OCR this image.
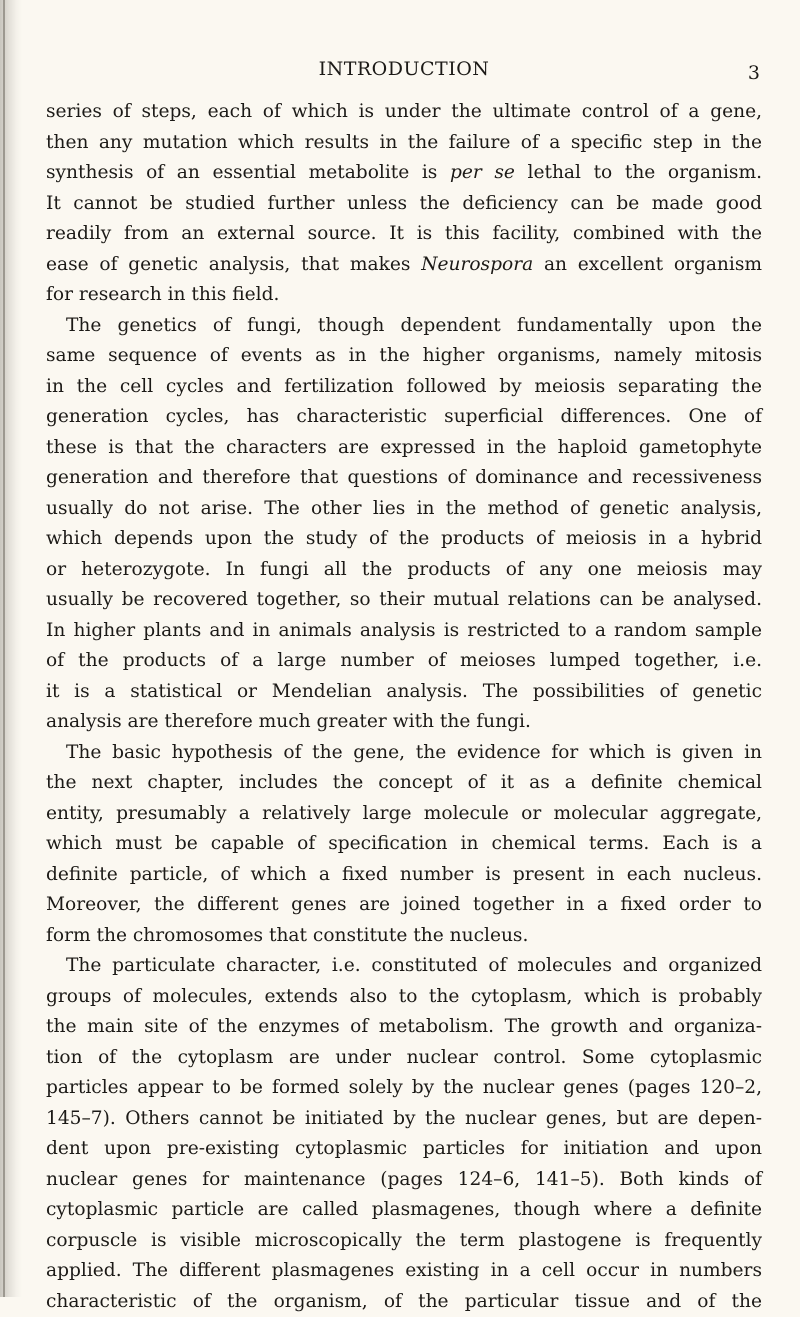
INTRODUCTION	3
series of steps, each of which is under the ultimate control of a gene,
then any mutation which results in the failure of a specific step in the
synthesis of an essential metabolite is per se lethal to the organism.
It cannot be studied further unless the deficiency can be made good
readily from an external source. It is this facility, combined with the
ease of genetic analysis, that makes Neurospora an excellent organism
for research in this field.
The genetics of fungi, though dependent fundamentally upon the
same sequence of events as in the higher organisms, namely mitosis
in the cell cycles and fertilization followed by meiosis separating the
generation cycles, has characteristic superficial differences. One of
these is that the characters are expressed in the haploid gametophyte
generation and therefore that questions of dominance and recessiveness
usually do not arise. The other lies in the method of genetic analysis,
which depends upon the study of the products of meiosis in a hybrid
or heterozygote. In fungi all the products of any one meiosis may
usually be recovered together, so their mutual relations can be analysed.
In higher plants and in animals analysis is restricted to a random sample
of the products of a large number of meioses lumped together, i.e.
it is a statistical or Mendelian analysis. The possibilities of genetic
analysis are therefore much greater with the fungi.
The basic hypothesis of the gene, the evidence for which is given in
the next chapter, includes the concept of it as a definite chemical
entity, presumably a relatively large molecule or molecular aggregate,
which must be capable of specification in chemical terms. Each is a
definite particle, of which a fixed number is present in each nucleus.
Moreover, the different genes are joined together in a fixed order to
form the chromosomes that constitute the nucleus.
The particulate character, i.e. constituted of molecules and organized
groups of molecules, extends also to the cytoplasm, which is probably
the main site of the enzymes of metabolism. The growth and organiza-
tion of the cytoplasm are under nuclear control. Some cytoplasmic
particles appear to be formed solely by the nuclear genes (pages 120–2,
145–7). Others cannot be initiated by the nuclear genes, but are depen-
dent upon pre-existing cytoplasmic particles for initiation and upon
nuclear genes for maintenance (pages 124–6, 141–5). Both kinds of
cytoplasmic particle are called plasmagenes, though where a definite
corpuscle is visible microscopically the term plastogene is frequently
applied. The different plasmagenes existing in a cell occur in numbers
characteristic of the organism, of the particular tissue and of the
